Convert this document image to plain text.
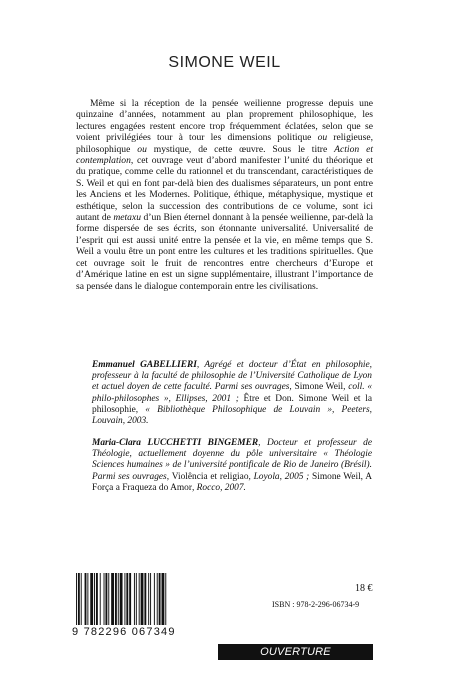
SIMONE WEIL

Même si la réception de la pensée weilienne progresse depuis une quinzaine d’années, notamment au plan proprement philosophique, les lectures engagées restent encore trop fréquemment éclatées, selon que se voient privilégiées tour à tour les dimensions politique ou religieuse, philosophique ou mystique, de cette œuvre. Sous le titre Action et contemplation, cet ouvrage veut d’abord manifester l’unité du théorique et du pratique, comme celle du rationnel et du transcendant, caractéristiques de S. Weil et qui en font par-delà bien des dualismes séparateurs, un pont entre les Anciens et les Modernes. Politique, éthique, métaphysique, mystique et esthétique, selon la succession des contributions de ce volume, sont ici autant de metaxu d’un Bien éternel donnant à la pensée weilienne, par-delà la forme dispersée de ses écrits, son étonnante universalité. Universalité de l’esprit qui est aussi unité entre la pensée et la vie, en même temps que S. Weil a voulu être un pont entre les cultures et les traditions spirituelles. Que cet ouvrage soit le fruit de rencontres entre chercheurs d’Europe et d’Amérique latine en est un signe supplémentaire, illustrant l’importance de sa pensée dans le dialogue contemporain entre les civilisations.

Emmanuel GABELLIERI, Agrégé et docteur d’État en philosophie, professeur à la faculté de philosophie de l’Université Catholique de Lyon et actuel doyen de cette faculté. Parmi ses ouvrages, Simone Weil, coll. « philo-philosophes », Ellipses, 2001 ; Être et Don. Simone Weil et la philosophie, « Bibliothèque Philosophique de Louvain », Peeters, Louvain, 2003.

Maria-Clara LUCCHETTI BINGEMER, Docteur et professeur de Théologie, actuellement doyenne du pôle universitaire « Théologie Sciences humaines » de l’université pontificale de Rio de Janeiro (Brésil). Parmi ses ouvrages, Violência et religiao, Loyola, 2005 ; Simone Weil, A Força a Fraqueza do Amor, Rocco, 2007.

9 782296 067349
18 €
ISBN : 978-2-296-06734-9
OUVERTURE PHILOSOPHIQUE
